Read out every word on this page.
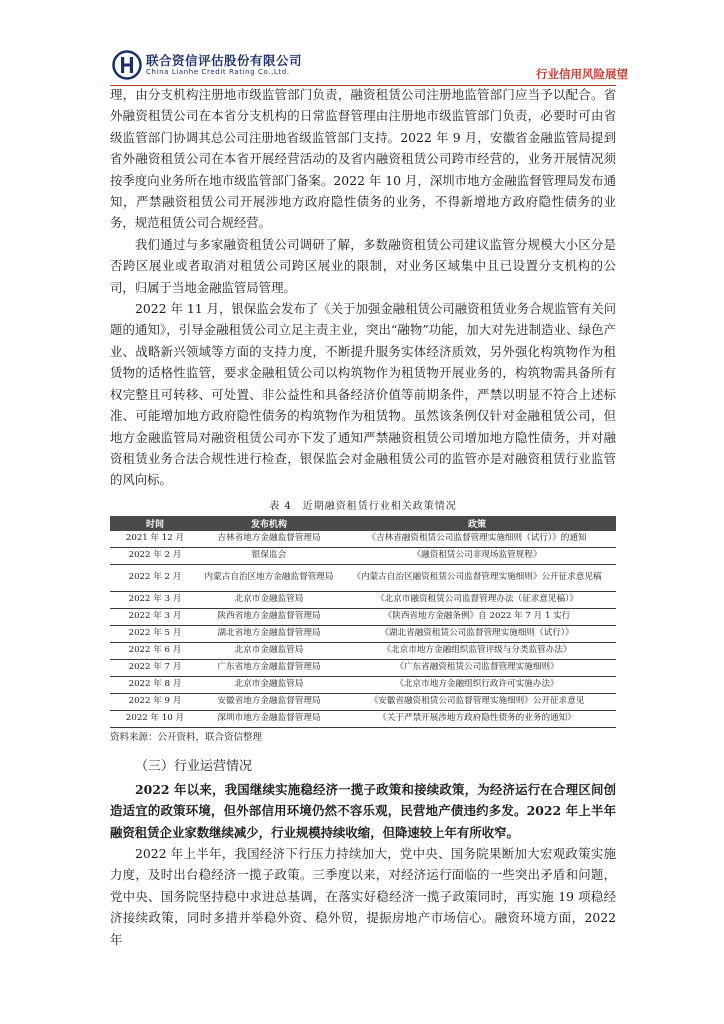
联合资信评估股份有限公司
China Lianhe Credit Rating Co.,Ltd.	行业信用风险展望

理，由分支机构注册地市级监管部门负责，融资租赁公司注册地监管部门应当予以配合。省外融资租赁公司在本省分支机构的日常监督管理由注册地市级监管部门负责，必要时可由省级监管部门协调其总公司注册地省级监管部门支持。2022 年 9 月，安徽省金融监管局提到省外融资租赁公司在本省开展经营活动的及省内融资租赁公司跨市经营的，业务开展情况须按季度向业务所在地市级监管部门备案。2022 年 10 月，深圳市地方金融监督管理局发布通知，严禁融资租赁公司开展涉地方政府隐性债务的业务，不得新增地方政府隐性债务的业务，规范租赁公司合规经营。

我们通过与多家融资租赁公司调研了解，多数融资租赁公司建议监管分规模大小区分是否跨区展业或者取消对租赁公司跨区展业的限制，对业务区域集中且已设置分支机构的公司，归属于当地金融监管局管理。

2022 年 11 月，银保监会发布了《关于加强金融租赁公司融资租赁业务合规监管有关问题的通知》，引导金融租赁公司立足主责主业，突出“融物”功能，加大对先进制造业、绿色产业、战略新兴领域等方面的支持力度，不断提升服务实体经济质效，另外强化构筑物作为租赁物的适格性监管，要求金融租赁公司以构筑物作为租赁物开展业务的，构筑物需具备所有权完整且可转移、可处置、非公益性和具备经济价值等前期条件，严禁以明显不符合上述标准、可能增加地方政府隐性债务的构筑物作为租赁物。虽然该条例仅针对金融租赁公司，但地方金融监管局对融资租赁公司亦下发了通知严禁融资租赁公司增加地方隐性债务，并对融资租赁业务合法合规性进行检查，银保监会对金融租赁公司的监管亦是对融资租赁行业监管的风向标。

表 4　近期融资租赁行业相关政策情况
时间	发布机构	政策
2021 年 12 月	吉林省地方金融监督管理局	《吉林省融资租赁公司监督管理实施细则（试行）》的通知
2022 年 2 月	银保监会	《融资租赁公司非现场监管规程》
2022 年 2 月	内蒙古自治区地方金融监督管理局	《内蒙古自治区融资租赁公司监督管理实施细则》公开征求意见稿
2022 年 3 月	北京市金融监管局	《北京市融资租赁公司监督管理办法（征求意见稿）》
2022 年 3 月	陕西省地方金融监督管理局	《陕西省地方金融条例》自 2022 年 7 月 1 实行
2022 年 5 月	湖北省地方金融监督管理局	《湖北省融资租赁公司监督管理实施细则（试行）》
2022 年 6 月	北京市金融监管局	《北京市地方金融组织监管评级与分类监管办法》
2022 年 7 月	广东省地方金融监督管理局	《广东省融资租赁公司监督管理实施细则》
2022 年 8 月	北京市金融监管局	《北京市地方金融组织行政许可实施办法》
2022 年 9 月	安徽省地方金融监督管理局	《安徽省融资租赁公司监督管理实施细则》公开征求意见
2022 年 10 月	深圳市地方金融监督管理局	《关于严禁开展涉地方政府隐性债务的业务的通知》
资料来源：公开资料，联合资信整理
（三）行业运营情况

2022 年以来，我国继续实施稳经济一揽子政策和接续政策，为经济运行在合理区间创造适宜的政策环境，但外部信用环境仍然不容乐观，民营地产债违约多发。2022 年上半年融资租赁企业家数继续减少，行业规模持续收缩，但降速较上年有所收窄。

2022 年上半年，我国经济下行压力持续加大，党中央、国务院果断加大宏观政策实施力度，及时出台稳经济一揽子政策。三季度以来，对经济运行面临的一些突出矛盾和问题，党中央、国务院坚持稳中求进总基调，在落实好稳经济一揽子政策同时，再实施 19 项稳经济接续政策，同时多措并举稳外资、稳外贸，提振房地产市场信心。融资环境方面，2022 年
